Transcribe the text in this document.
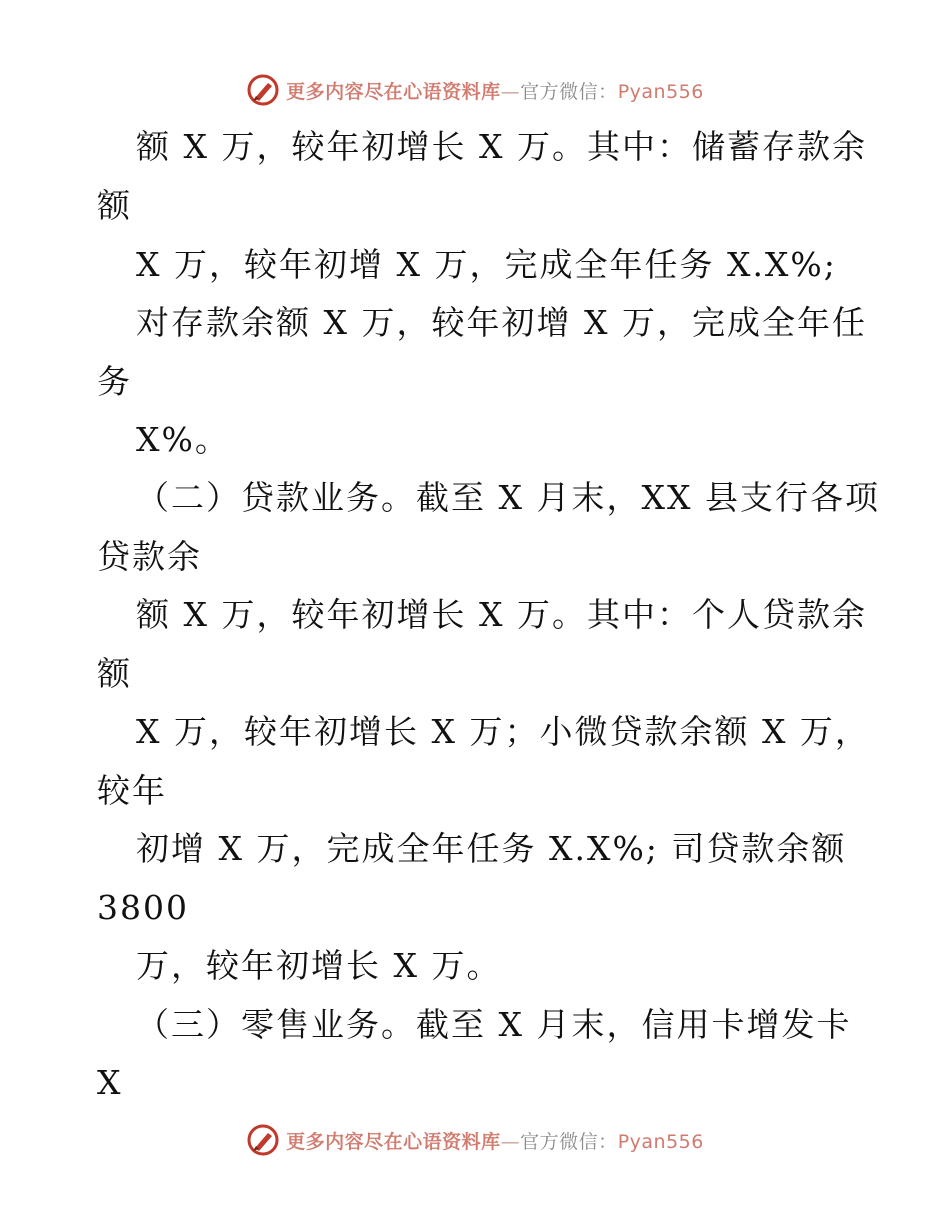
更多内容尽在心语资料库—官方微信：Pyan556
额 X 万，较年初增长 X 万。其中：储蓄存款余
额
X 万，较年初增 X 万，完成全年任务 X.X%;
对存款余额 X 万，较年初增 X 万，完成全年任
务
X%。
（二）贷款业务。截至 X 月末，XX 县支行各项
贷款余
额 X 万，较年初增长 X 万。其中：个人贷款余
额
X 万，较年初增长 X 万；小微贷款余额 X 万，
较年
初增 X 万，完成全年任务 X.X%; 司贷款余额
3800
万，较年初增长 X 万。
（三）零售业务。截至 X 月末，信用卡增发卡
X
更多内容尽在心语资料库—官方微信：Pyan556
